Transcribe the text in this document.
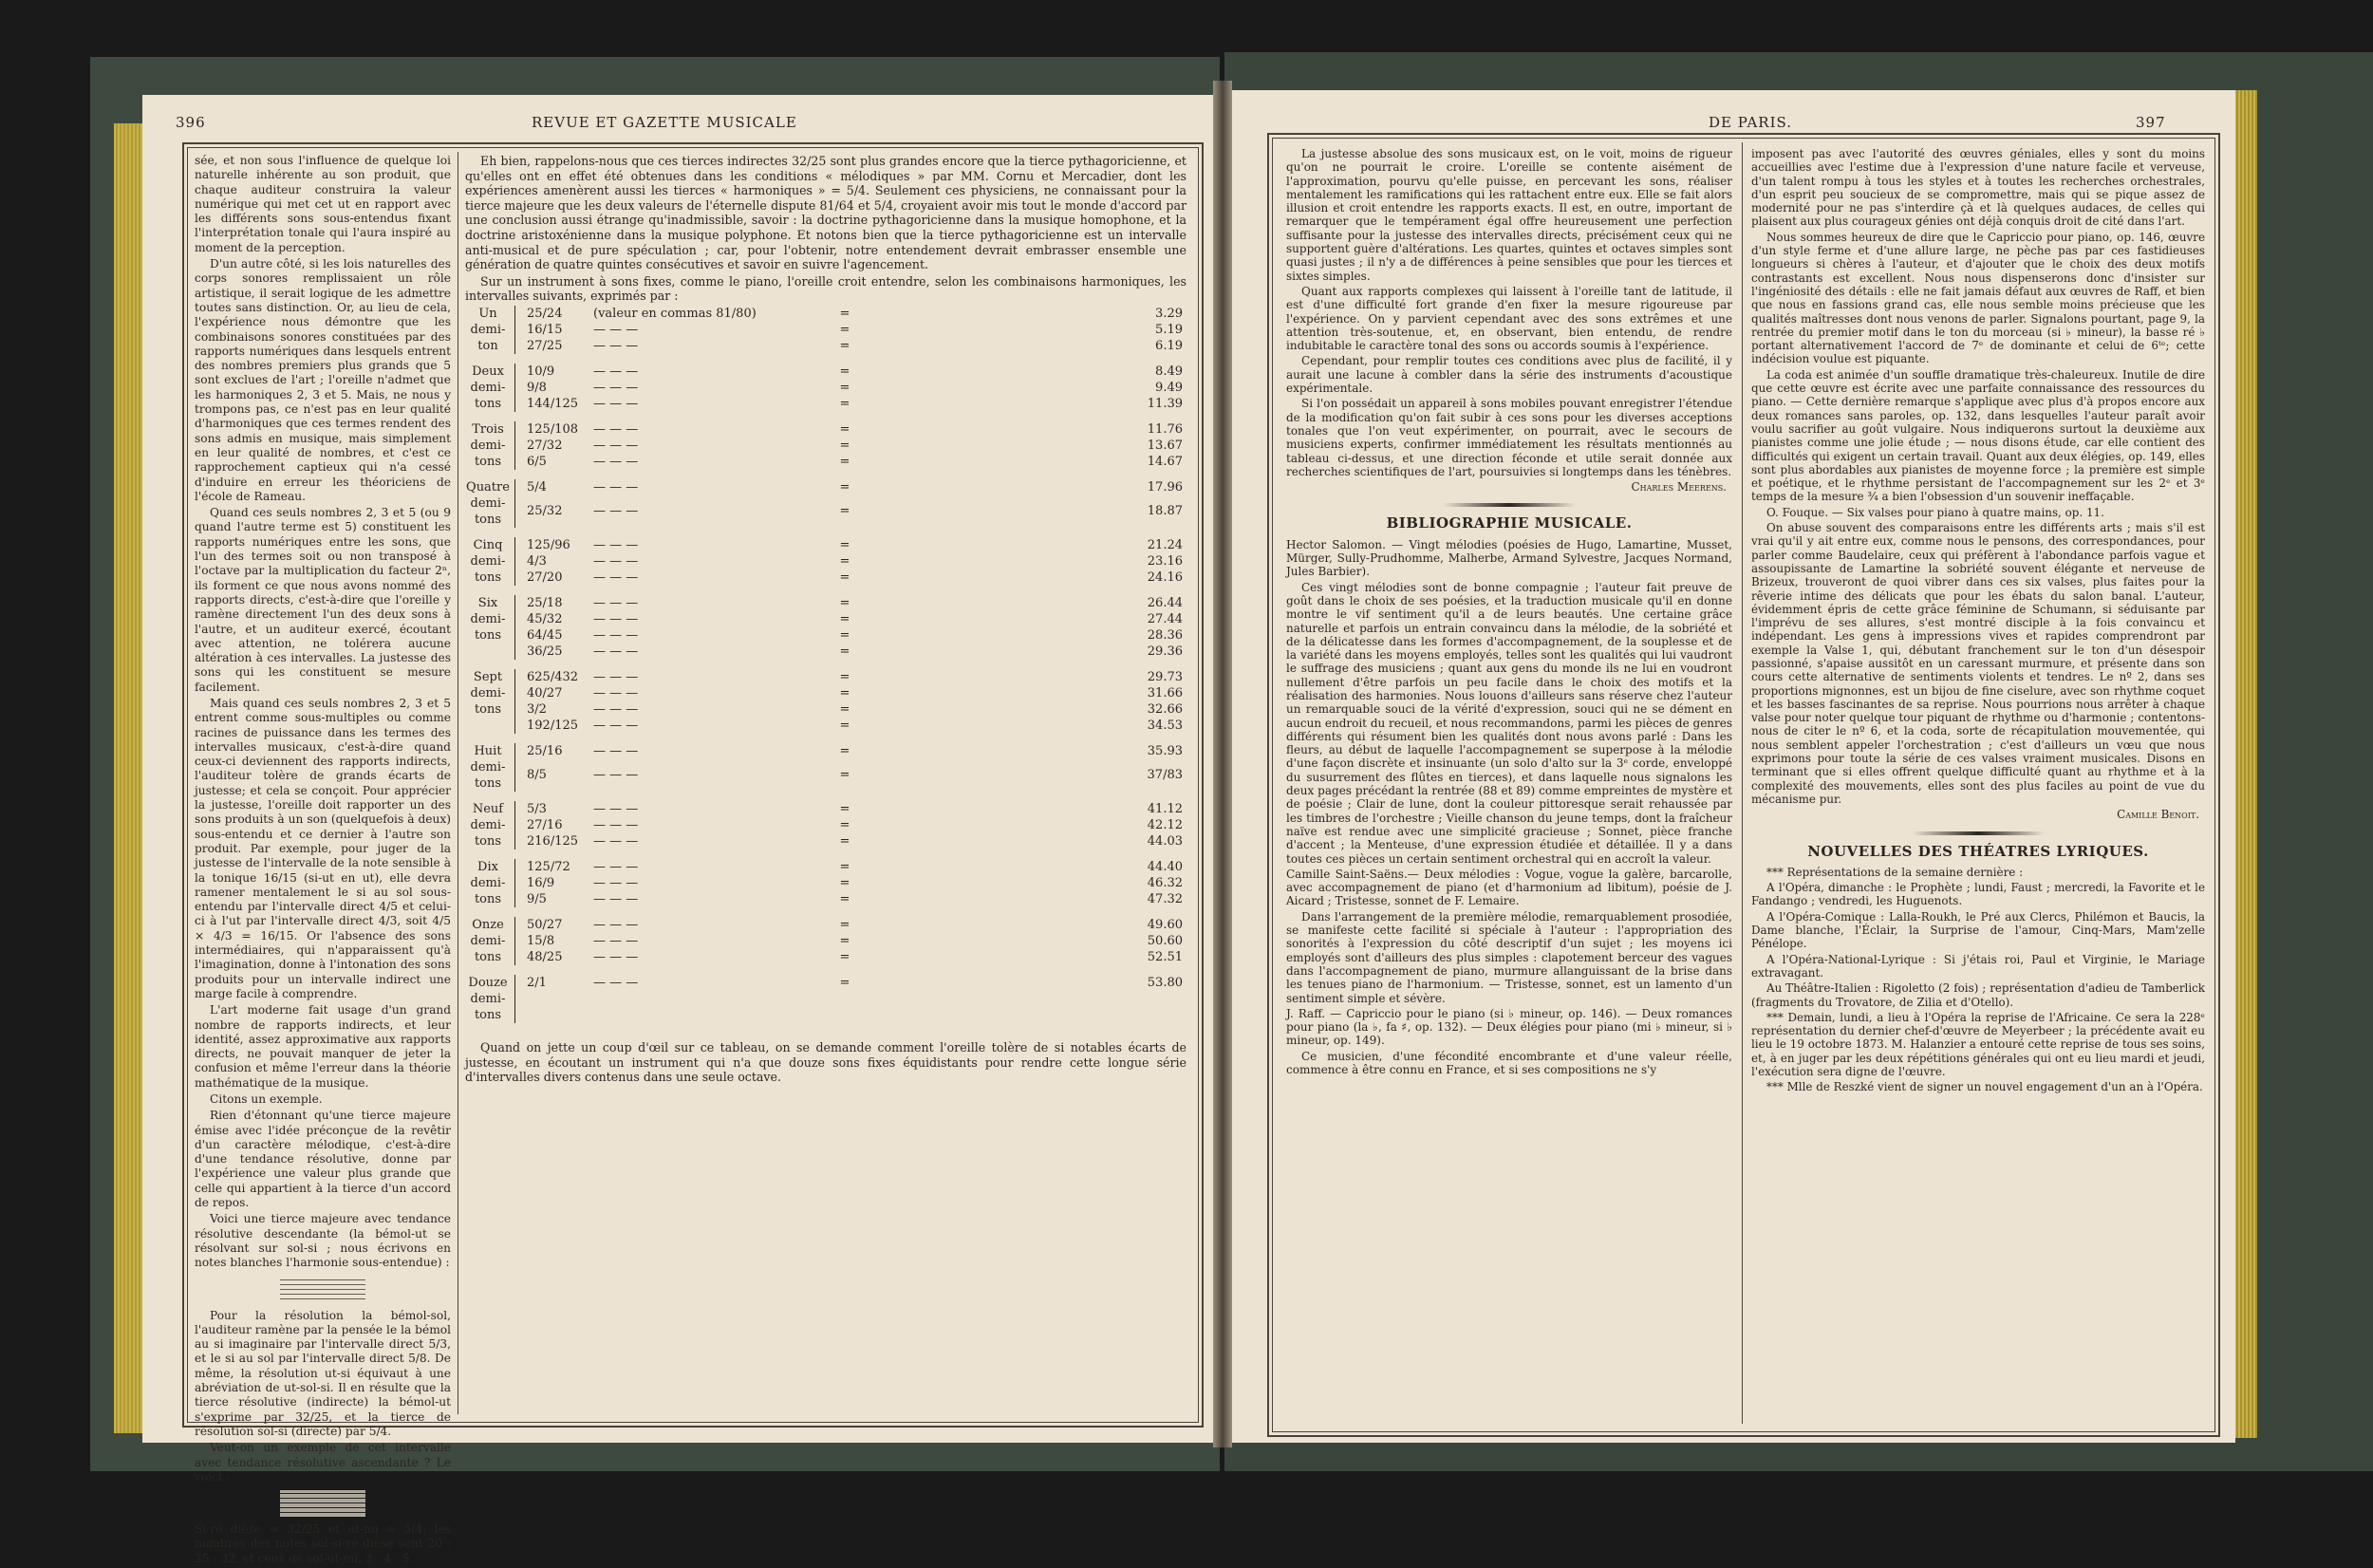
396	REVUE ET GAZETTE MUSICALE

sée, et non sous l'influence de quelque loi naturelle inhérente au son produit, que chaque auditeur construira la valeur numérique qui met cet ut en rapport avec les différents sons sous-entendus fixant l'interprétation tonale qui l'aura inspiré au moment de la perception.

D'un autre côté, si les lois naturelles des corps sonores remplissaient un rôle artistique, il serait logique de les admettre toutes sans distinction. Or, au lieu de cela, l'expérience nous démontre que les combinaisons sonores constituées par des rapports numériques dans lesquels entrent des nombres premiers plus grands que 5 sont exclues de l'art ; l'oreille n'admet que les harmoniques 2, 3 et 5. Mais, ne nous y trompons pas, ce n'est pas en leur qualité d'harmoniques que ces termes rendent des sons admis en musique, mais simplement en leur qualité de nombres, et c'est ce rapprochement captieux qui n'a cessé d'induire en erreur les théoriciens de l'école de Rameau.

Quand ces seuls nombres 2, 3 et 5 (ou 9 quand l'autre terme est 5) constituent les rapports numériques entre les sons, que l'un des termes soit ou non transposé à l'octave par la multiplication du facteur 2ⁿ, ils forment ce que nous avons nommé des rapports directs, c'est-à-dire que l'oreille y ramène directement l'un des deux sons à l'autre, et un auditeur exercé, écoutant avec attention, ne tolérera aucune altération à ces intervalles. La justesse des sons qui les constituent se mesure facilement.

Mais quand ces seuls nombres 2, 3 et 5 entrent comme sous-multiples ou comme racines de puissance dans les termes des intervalles musicaux, c'est-à-dire quand ceux-ci deviennent des rapports indirects, l'auditeur tolère de grands écarts de justesse; et cela se conçoit. Pour apprécier la justesse, l'oreille doit rapporter un des sons produits à un son (quelquefois à deux) sous-entendu et ce dernier à l'autre son produit. Par exemple, pour juger de la justesse de l'intervalle de la note sensible à la tonique 16/15 (si-ut en ut), elle devra ramener mentalement le si au sol sous-entendu par l'intervalle direct 4/5 et celui-ci à l'ut par l'intervalle direct 4/3, soit 4/5 × 4/3 = 16/15. Or l'absence des sons intermédiaires, qui n'apparaissent qu'à l'imagination, donne à l'intonation des sons produits pour un intervalle indirect une marge facile à comprendre.

L'art moderne fait usage d'un grand nombre de rapports indirects, et leur identité, assez approximative aux rapports directs, ne pouvait manquer de jeter la confusion et même l'erreur dans la théorie mathématique de la musique.

Citons un exemple.

Rien d'étonnant qu'une tierce majeure émise avec l'idée préconçue de la revêtir d'un caractère mélodique, c'est-à-dire d'une tendance résolutive, donne par l'expérience une valeur plus grande que celle qui appartient à la tierce d'un accord de repos.

Voici une tierce majeure avec tendance résolutive descendante (la bémol-ut se résolvant sur sol-si ; nous écrivons en notes blanches l'harmonie sous-entendue) :

Pour la résolution la bémol-sol, l'auditeur ramène par la pensée le la bémol au si imaginaire par l'intervalle direct 5/3, et le si au sol par l'intervalle direct 5/8. De même, la résolution ut-si équivaut à une abréviation de ut-sol-si. Il en résulte que la tierce résolutive (indirecte) la bémol-ut s'exprime par 32/25, et la tierce de résolution sol-si (directe) par 5/4.

Veut-on un exemple de cet intervalle avec tendance résolutive ascendante ? Le voici :

Si-ré dièse = 32/25 et ut-mi = 5/4; les nombres des notes sol-si-ré dièse sont 20 : 25 : 32, et ceux de sol-ut-mi, 3 : 4 : 5.

Eh bien, rappelons-nous que ces tierces indirectes 32/25 sont plus grandes encore que la tierce pythagoricienne, et qu'elles ont en effet été obtenues dans les conditions « mélodiques » par MM. Cornu et Mercadier, dont les expériences amenèrent aussi les tierces « harmoniques » = 5/4. Seulement ces physiciens, ne connaissant pour la tierce majeure que les deux valeurs de l'éternelle dispute 81/64 et 5/4, croyaient avoir mis tout le monde d'accord par une conclusion aussi étrange qu'inadmissible, savoir : la doctrine pythagoricienne dans la musique homophone, et la doctrine aristoxénienne dans la musique polyphone. Et notons bien que la tierce pythagoricienne est un intervalle anti-musical et de pure spéculation ; car, pour l'obtenir, notre entendement devrait embrasser ensemble une génération de quatre quintes consécutives et savoir en suivre l'agencement.

Sur un instrument à sons fixes, comme le piano, l'oreille croit entendre, selon les combinaisons harmoniques, les intervalles suivants, exprimés par :

Un demi-ton	25/24	(valeur en commas 81/80)	=	3.29
	16/15	— — —	=	5.19
	27/25	— — —	=	6.19

Deux demi-tons	10/9	— — —	=	8.49
	9/8	— — —	=	9.49
	144/125	— — —	=	11.39

Trois demi-tons	125/108	— — —	=	11.76
	27/32	— — —	=	13.67
	6/5	— — —	=	14.67

Quatre demi-tons	5/4	— — —	=	17.96
	25/32	— — —	=	18.87

Cinq demi-tons	125/96	— — —	=	21.24
	4/3	— — —	=	23.16
	27/20	— — —	=	24.16

Six demi-tons	25/18	— — —	=	26.44
	45/32	— — —	=	27.44
	64/45	— — —	=	28.36
	36/25	— — —	=	29.36

Sept demi-tons	625/432	— — —	=	29.73
	40/27	— — —	=	31.66
	3/2	— — —	=	32.66
	192/125	— — —	=	34.53

Huit demi-tons	25/16	— — —	=	35.93
	8/5	— — —	=	37/83

Neuf demi-tons	5/3	— — —	=	41.12
	27/16	— — —	=	42.12
	216/125	— — —	=	44.03

Dix demi-tons	125/72	— — —	=	44.40
	16/9	— — —	=	46.32
	9/5	— — —	=	47.32

Onze demi-tons	50/27	— — —	=	49.60
	15/8	— — —	=	50.60
	48/25	— — —	=	52.51

Douze demi-tons	2/1	— — —	=	53.80

Quand on jette un coup d'œil sur ce tableau, on se demande comment l'oreille tolère de si notables écarts de justesse, en écoutant un instrument qui n'a que douze sons fixes équidistants pour rendre cette longue série d'intervalles divers contenus dans une seule octave.

DE PARIS.	397

La justesse absolue des sons musicaux est, on le voit, moins de rigueur qu'on ne pourrait le croire. L'oreille se contente aisément de l'approximation, pourvu qu'elle puisse, en percevant les sons, réaliser mentalement les ramifications qui les rattachent entre eux. Elle se fait alors illusion et croit entendre les rapports exacts. Il est, en outre, important de remarquer que le tempérament égal offre heureusement une perfection suffisante pour la justesse des intervalles directs, précisément ceux qui ne supportent guère d'altérations. Les quartes, quintes et octaves simples sont quasi justes ; il n'y a de différences à peine sensibles que pour les tierces et sixtes simples.

Quant aux rapports complexes qui laissent à l'oreille tant de latitude, il est d'une difficulté fort grande d'en fixer la mesure rigoureuse par l'expérience. On y parvient cependant avec des sons extrêmes et une attention très-soutenue, et, en observant, bien entendu, de rendre indubitable le caractère tonal des sons ou accords soumis à l'expérience.

Cependant, pour remplir toutes ces conditions avec plus de facilité, il y aurait une lacune à combler dans la série des instruments d'acoustique expérimentale.

Si l'on possédait un appareil à sons mobiles pouvant enregistrer l'étendue de la modification qu'on fait subir à ces sons pour les diverses acceptions tonales que l'on veut expérimenter, on pourrait, avec le secours de musiciens experts, confirmer immédiatement les résultats mentionnés au tableau ci-dessus, et une direction féconde et utile serait donnée aux recherches scientifiques de l'art, poursuivies si longtemps dans les ténèbres.

Charles Meerens.
BIBLIOGRAPHIE MUSICALE.

Hector Salomon. — Vingt mélodies (poésies de Hugo, Lamartine, Musset, Mürger, Sully-Prudhomme, Malherbe, Armand Sylvestre, Jacques Normand, Jules Barbier).

Ces vingt mélodies sont de bonne compagnie ; l'auteur fait preuve de goût dans le choix de ses poésies, et la traduction musicale qu'il en donne montre le vif sentiment qu'il a de leurs beautés. Une certaine grâce naturelle et parfois un entrain convaincu dans la mélodie, de la sobriété et de la délicatesse dans les formes d'accompagnement, de la souplesse et de la variété dans les moyens employés, telles sont les qualités qui lui vaudront le suffrage des musiciens ; quant aux gens du monde ils ne lui en voudront nullement d'être parfois un peu facile dans le choix des motifs et la réalisation des harmonies. Nous louons d'ailleurs sans réserve chez l'auteur un remarquable souci de la vérité d'expression, souci qui ne se dément en aucun endroit du recueil, et nous recommandons, parmi les pièces de genres différents qui résument bien les qualités dont nous avons parlé : Dans les fleurs, au début de laquelle l'accompagnement se superpose à la mélodie d'une façon discrète et insinuante (un solo d'alto sur la 3ᵉ corde, enveloppé du susurrement des flûtes en tierces), et dans laquelle nous signalons les deux pages précédant la rentrée (88 et 89) comme empreintes de mystère et de poésie ; Clair de lune, dont la couleur pittoresque serait rehaussée par les timbres de l'orchestre ; Vieille chanson du jeune temps, dont la fraîcheur naïve est rendue avec une simplicité gracieuse ; Sonnet, pièce franche d'accent ; la Menteuse, d'une expression étudiée et détaillée. Il y a dans toutes ces pièces un certain sentiment orchestral qui en accroît la valeur.

Camille Saint-Saëns.— Deux mélodies : Vogue, vogue la galère, barcarolle, avec accompagnement de piano (et d'harmonium ad libitum), poésie de J. Aicard ; Tristesse, sonnet de F. Lemaire.

Dans l'arrangement de la première mélodie, remarquablement prosodiée, se manifeste cette facilité si spéciale à l'auteur : l'appropriation des sonorités à l'expression du côté descriptif d'un sujet ; les moyens ici employés sont d'ailleurs des plus simples : clapotement berceur des vagues dans l'accompagnement de piano, murmure allanguissant de la brise dans les tenues piano de l'harmonium. — Tristesse, sonnet, est un lamento d'un sentiment simple et sévère.

J. Raff. — Capriccio pour le piano (si ♭ mineur, op. 146). — Deux romances pour piano (la ♭, fa ♯, op. 132). — Deux élégies pour piano (mi ♭ mineur, si ♭ mineur, op. 149).

Ce musicien, d'une fécondité encombrante et d'une valeur réelle, commence à être connu en France, et si ses compositions ne s'y

imposent pas avec l'autorité des œuvres géniales, elles y sont du moins accueillies avec l'estime due à l'expression d'une nature facile et verveuse, d'un talent rompu à tous les styles et à toutes les recherches orchestrales, d'un esprit peu soucieux de se compromettre, mais qui se pique assez de modernité pour ne pas s'interdire çà et là quelques audaces, de celles qui plaisent aux plus courageux génies ont déjà conquis droit de cité dans l'art.

Nous sommes heureux de dire que le Capriccio pour piano, op. 146, œuvre d'un style ferme et d'une allure large, ne pèche pas par ces fastidieuses longueurs si chères à l'auteur, et d'ajouter que le choix des deux motifs contrastants est excellent. Nous nous dispenserons donc d'insister sur l'ingéniosité des détails : elle ne fait jamais défaut aux œuvres de Raff, et bien que nous en fassions grand cas, elle nous semble moins précieuse que les qualités maîtresses dont nous venons de parler. Signalons pourtant, page 9, la rentrée du premier motif dans le ton du morceau (si ♭ mineur), la basse ré ♭ portant alternativement l'accord de 7ᵉ de dominante et celui de 6ᵗᵉ; cette indécision voulue est piquante.

La coda est animée d'un souffle dramatique très-chaleureux. Inutile de dire que cette œuvre est écrite avec une parfaite connaissance des ressources du piano. — Cette dernière remarque s'applique avec plus d'à propos encore aux deux romances sans paroles, op. 132, dans lesquelles l'auteur paraît avoir voulu sacrifier au goût vulgaire. Nous indiquerons surtout la deuxième aux pianistes comme une jolie étude ; — nous disons étude, car elle contient des difficultés qui exigent un certain travail. Quant aux deux élégies, op. 149, elles sont plus abordables aux pianistes de moyenne force ; la première est simple et poétique, et le rhythme persistant de l'accompagnement sur les 2ᵉ et 3ᵉ temps de la mesure ¾ a bien l'obsession d'un souvenir ineffaçable.

O. Fouque. — Six valses pour piano à quatre mains, op. 11.

On abuse souvent des comparaisons entre les différents arts ; mais s'il est vrai qu'il y ait entre eux, comme nous le pensons, des correspondances, pour parler comme Baudelaire, ceux qui préfèrent à l'abondance parfois vague et assoupissante de Lamartine la sobriété souvent élégante et nerveuse de Brizeux, trouveront de quoi vibrer dans ces six valses, plus faites pour la rêverie intime des délicats que pour les ébats du salon banal. L'auteur, évidemment épris de cette grâce féminine de Schumann, si séduisante par l'imprévu de ses allures, s'est montré disciple à la fois convaincu et indépendant. Les gens à impressions vives et rapides comprendront par exemple la Valse 1, qui, débutant franchement sur le ton d'un désespoir passionné, s'apaise aussitôt en un caressant murmure, et présente dans son cours cette alternative de sentiments violents et tendres. Le nº 2, dans ses proportions mignonnes, est un bijou de fine ciselure, avec son rhythme coquet et les basses fascinantes de sa reprise. Nous pourrions nous arrêter à chaque valse pour noter quelque tour piquant de rhythme ou d'harmonie ; contentons-nous de citer le nº 6, et la coda, sorte de récapitulation mouvementée, qui nous semblent appeler l'orchestration ; c'est d'ailleurs un vœu que nous exprimons pour toute la série de ces valses vraiment musicales. Disons en terminant que si elles offrent quelque difficulté quant au rhythme et à la complexité des mouvements, elles sont des plus faciles au point de vue du mécanisme pur.

Camille Benoit.
NOUVELLES DES THÉATRES LYRIQUES.

*** Représentations de la semaine dernière :

A l'Opéra, dimanche : le Prophète ; lundi, Faust ; mercredi, la Favorite et le Fandango ; vendredi, les Huguenots.

A l'Opéra-Comique : Lalla-Roukh, le Pré aux Clercs, Philémon et Baucis, la Dame blanche, l'Éclair, la Surprise de l'amour, Cinq-Mars, Mam'zelle Pénélope.

A l'Opéra-National-Lyrique : Si j'étais roi, Paul et Virginie, le Mariage extravagant.

Au Théâtre-Italien : Rigoletto (2 fois) ; représentation d'adieu de Tamberlick (fragments du Trovatore, de Zilia et d'Otello).

*** Demain, lundi, a lieu à l'Opéra la reprise de l'Africaine. Ce sera la 228ᵉ représentation du dernier chef-d'œuvre de Meyerbeer ; la précédente avait eu lieu le 19 octobre 1873. M. Halanzier a entouré cette reprise de tous ses soins, et, à en juger par les deux répétitions générales qui ont eu lieu mardi et jeudi, l'exécution sera digne de l'œuvre.

*** Mlle de Reszké vient de signer un nouvel engagement d'un an à l'Opéra.
